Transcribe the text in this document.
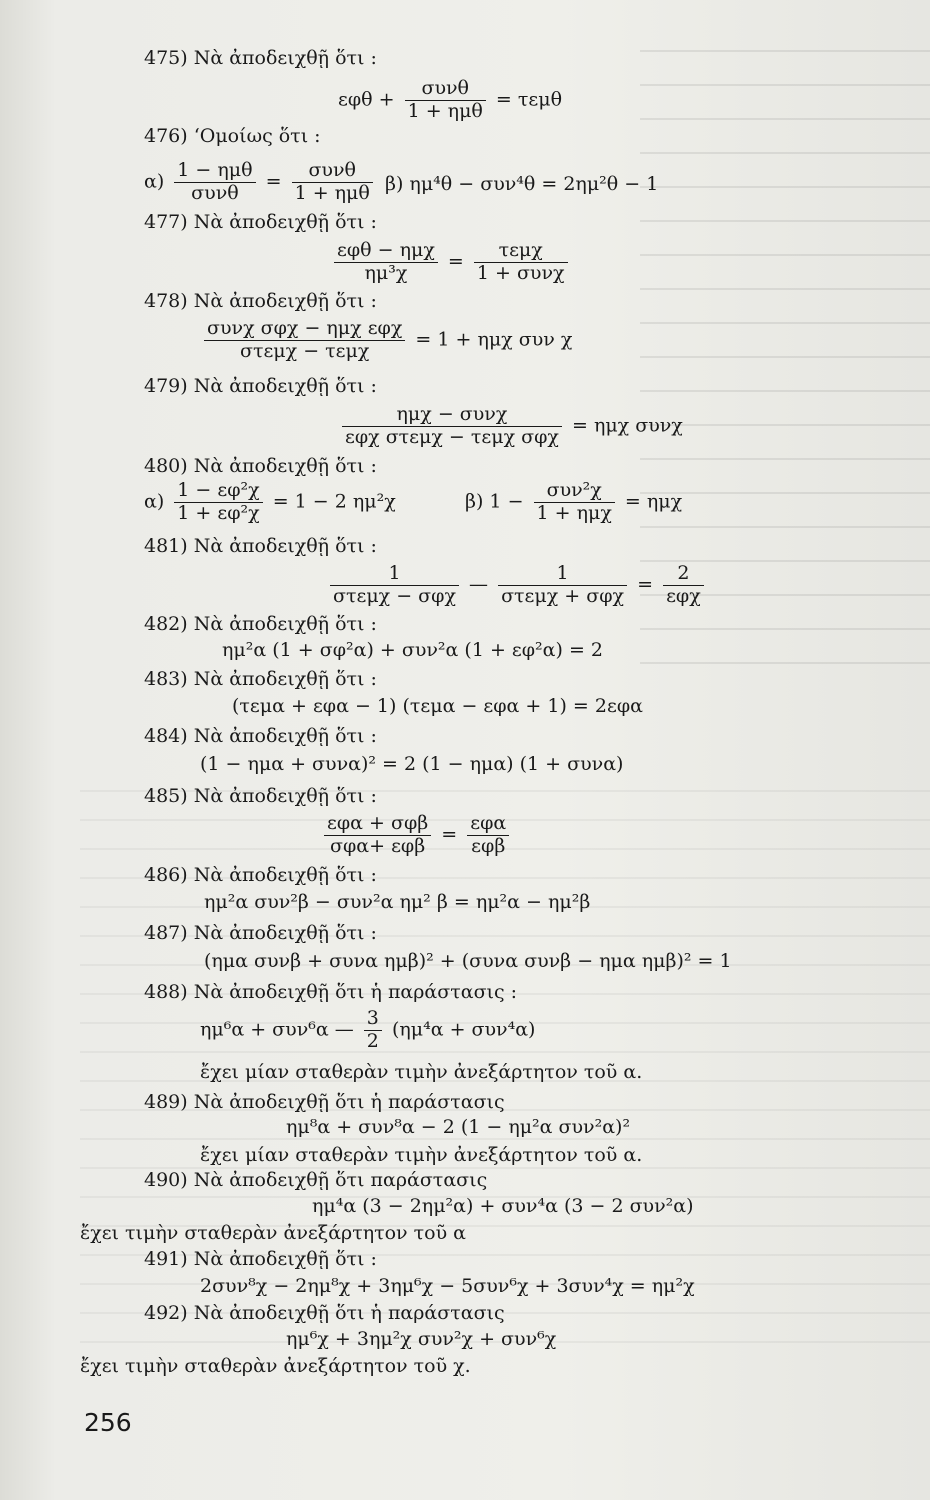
475) Νὰ ἀποδειχθῇ ὅτι :
$\varepsilon\varphi\theta + \frac{\text{συνθ}}{\text{1 + ημθ}} = \tau\varepsilon\mu\theta$
476) ‘Ομοίως ὅτι :
$\alpha) \frac{\text{1 − ημθ}}{\text{συνθ}} = \frac{\text{συνθ}}{\text{1 + ημθ}} \beta$) ημ⁴θ − συν⁴θ = 2ημ²θ − 1
477) Νὰ ἀποδειχθῇ ὅτι :
$\frac{\text{εφθ − ημχ}}{\text{ημ³χ}} = \frac{\text{τεμχ}}{\text{1 + συνχ}}$
478) Νὰ ἀποδειχθῇ ὅτι :
$\frac{\text{συνχ σφχ − ημχ εφχ}}{\text{στεμχ − τεμχ}} = 1 + \eta\mu\chi$ συν χ
479) Νὰ ἀποδειχθῇ ὅτι :
$\frac{\text{ημχ − συνχ}}{\text{εφχ στεμχ − τεμχ σφχ}} = \eta\mu\chi$ συνχ
480) Νὰ ἀποδειχθῇ ὅτι :
$\alpha) \frac{\text{1 − εφ²χ}}{\text{1 + εφ²χ}} = 1 - 2$ ημ²χ	β) $1 - \frac{\text{συν²χ}}{\text{1 + ημχ}} = \eta\mu\chi$
481) Νὰ ἀποδειχθῇ ὅτι :
$\frac{1}{\text{στεμχ − σφχ}}$ — $\frac{1}{\text{στεμχ + σφχ}} = \frac{2}{\text{εφχ}}$
482) Νὰ ἀποδειχθῇ ὅτι :
ημ²α (1 + σφ²α) + συν²α (1 + εφ²α) = 2
483) Νὰ ἀποδειχθῇ ὅτι :
(τεμα + εφα − 1) (τεμα − εφα + 1) = 2εφα
484) Νὰ ἀποδειχθῇ ὅτι :
(1 − ημα + συνα)² = 2 (1 − ημα) (1 + συνα)
485) Νὰ ἀποδειχθῇ ὅτι :
$\frac{\text{εφα + σφβ}}{\text{σφα+ εφβ}} = \frac{\text{εφα}}{\text{εφβ}}$
486) Νὰ ἀποδειχθῇ ὅτι :
ημ²α συν²β − συν²α ημ² β = ημ²α − ημ²β
487) Νὰ ἀποδειχθῇ ὅτι :
(ημα συνβ + συνα ημβ)² + (συνα συνβ − ημα ημβ)² = 1
488) Νὰ ἀποδειχθῇ ὅτι ἡ παράστασις :
ημ⁶α + συν⁶α — $\frac{3}{2} (\eta\mu^4\alpha + \sigma\upsilon\nu^4\alpha)$
ἔχει μίαν σταθερὰν τιμὴν ἀνεξάρτητον τοῦ α.
489) Νὰ ἀποδειχθῇ ὅτι ἡ παράστασις
ημ⁸α + συν⁸α − 2 (1 − ημ²α συν²α)²
ἔχει μίαν σταθερὰν τιμὴν ἀνεξάρτητον τοῦ α.
490) Νὰ ἀποδειχθῇ ὅτι παράστασις
ημ⁴α (3 − 2ημ²α) + συν⁴α (3 − 2 συν²α)
ἔχει τιμὴν σταθερὰν ἀνεξάρτητον τοῦ α
491) Νὰ ἀποδειχθῇ ὅτι :
2συν⁸χ − 2ημ⁸χ + 3ημ⁶χ − 5συν⁶χ + 3συν⁴χ = ημ²χ
492) Νὰ ἀποδειχθῇ ὅτι ἡ παράστασις
ημ⁶χ + 3ημ²χ συν²χ + συν⁶χ
ἔχει τιμὴν σταθερὰν ἀνεξάρτητον τοῦ χ.
256
